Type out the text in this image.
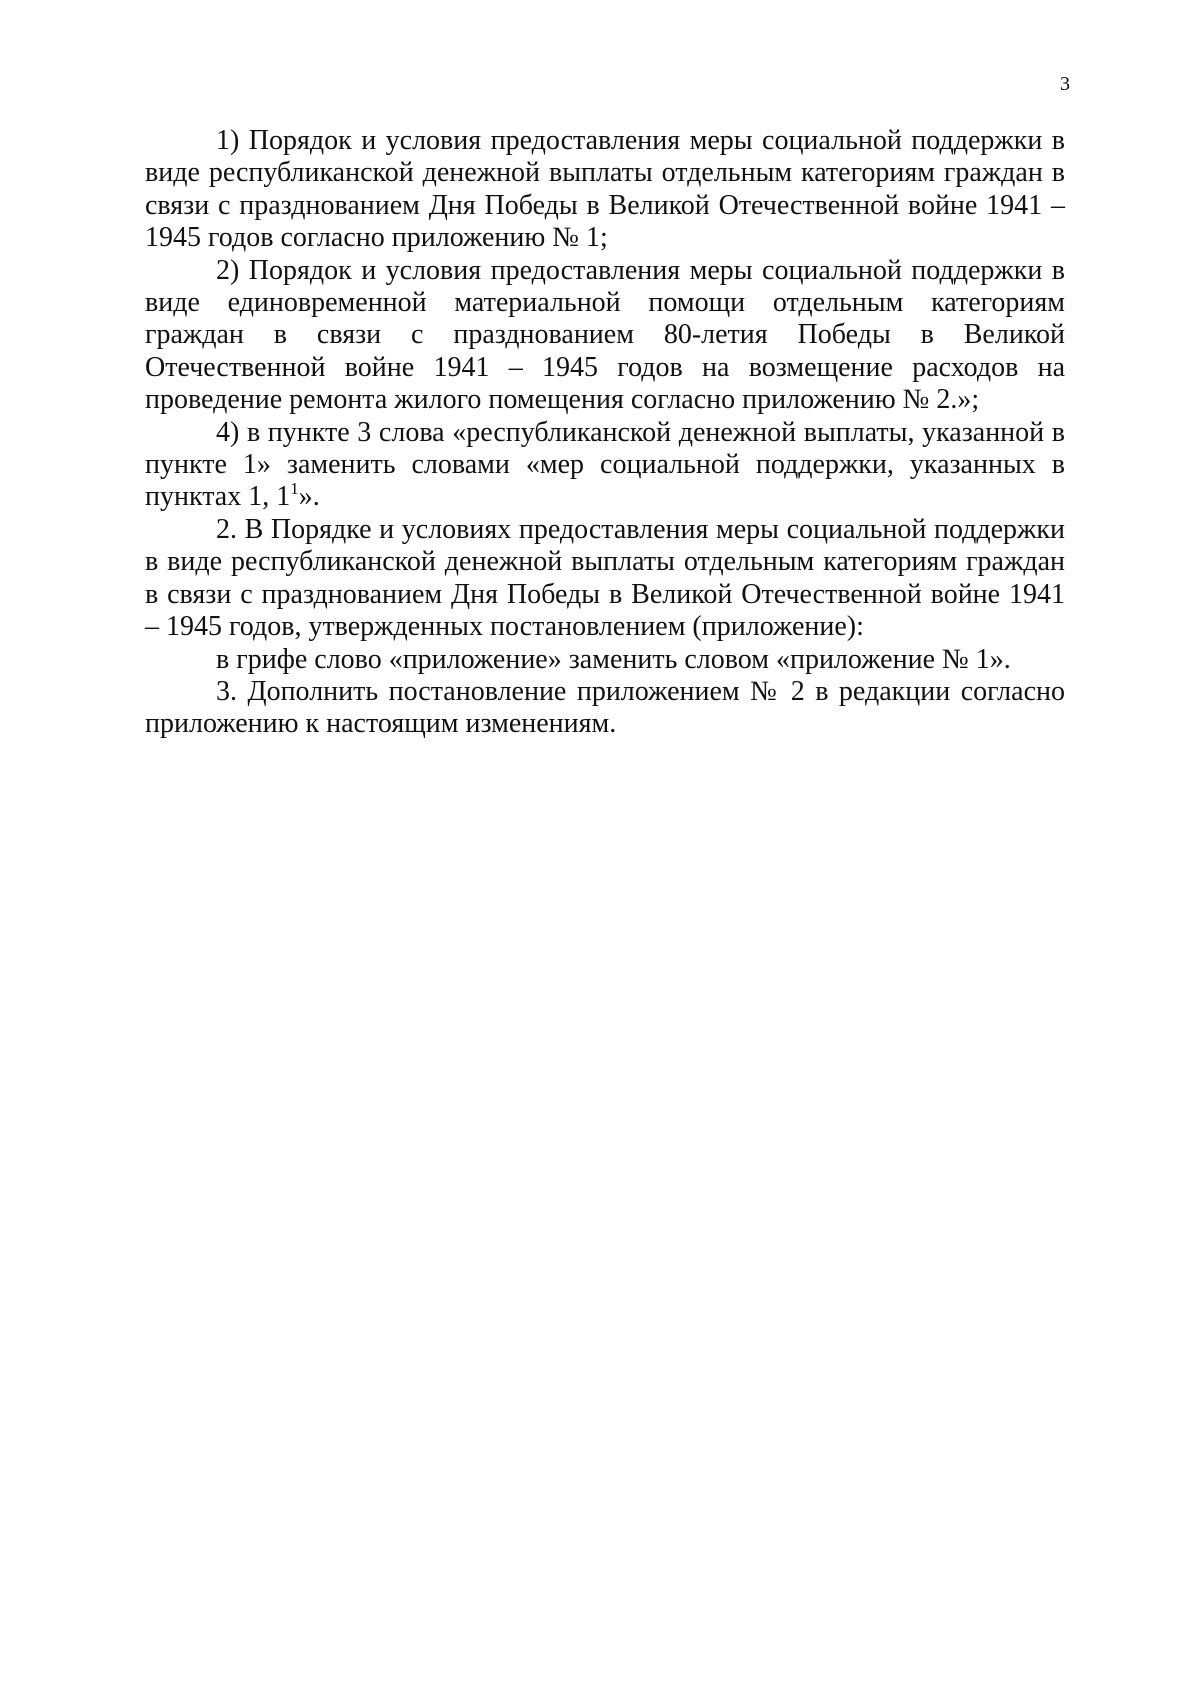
3

1) Порядок и условия предоставления меры социальной поддержки в виде республиканской денежной выплаты отдельным категориям граждан в связи с празднованием Дня Победы в Великой Отечественной войне 1941 – 1945 годов согласно приложению № 1;

2) Порядок и условия предоставления меры социальной поддержки в виде единовременной материальной помощи отдельным категориям граждан в связи с празднованием 80-летия Победы в Великой Отечественной войне 1941 – 1945 годов на возмещение расходов на проведение ремонта жилого помещения согласно приложению № 2.»;

4) в пункте 3 слова «республиканской денежной выплаты, указанной в пункте 1» заменить словами «мер социальной поддержки, указанных в пунктах 1, $1^1$».

2. В Порядке и условиях предоставления меры социальной поддержки в виде республиканской денежной выплаты отдельным категориям граждан в связи с празднованием Дня Победы в Великой Отечественной войне 1941 – 1945 годов, утвержденных постановлением (приложение):

в грифе слово «приложение» заменить словом «приложение № 1».

3. Дополнить постановление приложением № 2 в редакции согласно приложению к настоящим изменениям.
